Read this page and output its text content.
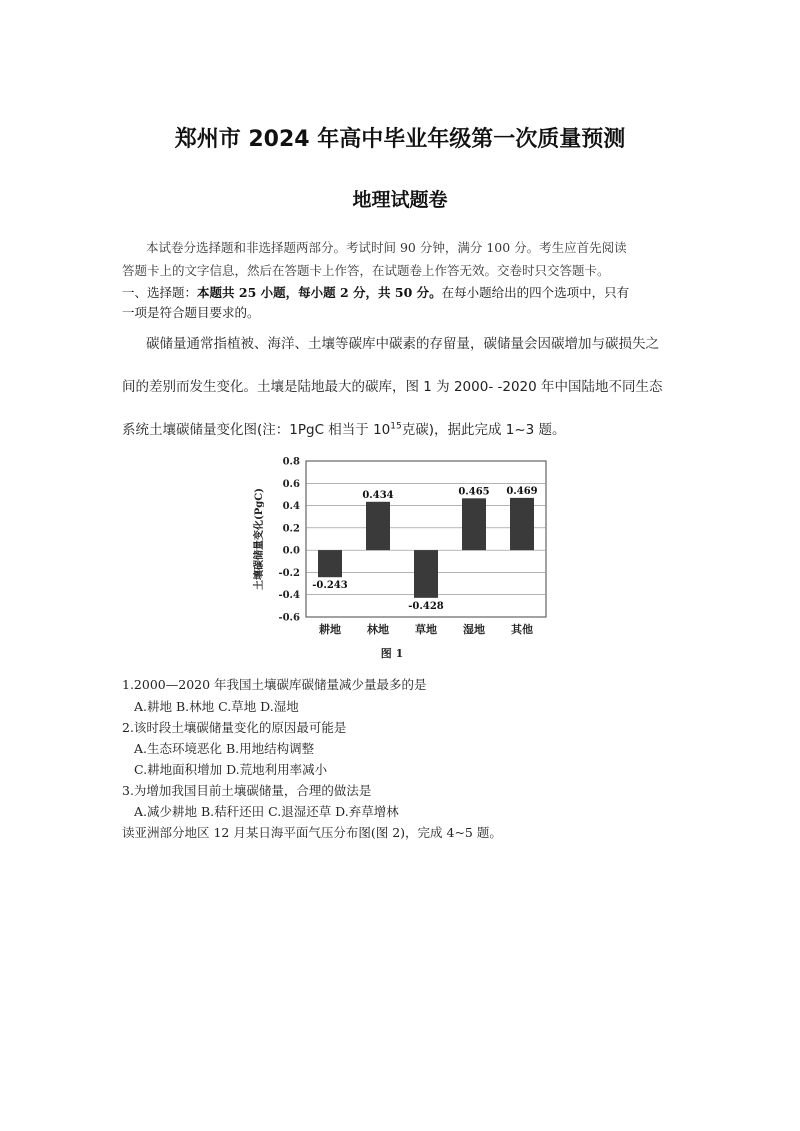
郑州市 2024 年高中毕业年级第一次质量预测
地理试题卷
本试卷分选择题和非选择题两部分。考试时间 90 分钟，满分 100 分。考生应首先阅读
答题卡上的文字信息，然后在答题卡上作答，在试题卷上作答无效。交卷时只交答题卡。
一、选择题：本题共 25 小题，每小题 2 分，共 50 分。在每小题给出的四个选项中，只有
一项是符合题目要求的。
碳储量通常指植被、海洋、土壤等碳库中碳素的存留量，碳储量会因碳增加与碳损失之
间的差别而发生变化。土壤是陆地最大的碳库，图 1 为 2000- -2020 年中国陆地不同生态
系统土壤碳储量变化图(注：1PgC 相当于 $10^{15}$克碳)，据此完成 1~3 题。
0.8
0.6
0.4
0.2
0.0
-0.2
-0.4
-0.6
-0.243
0.434
-0.428
0.465 0.469
耕地 林地 草地 湿地 其他
土壤碳储量变化(PgC)
图 1
1.2000—2020 年我国土壤碳库碳储量减少量最多的是
A.耕地 B.林地 C.草地 D.湿地
2.该时段土壤碳储量变化的原因最可能是
A.生态环境恶化 B.用地结构调整
C.耕地面积增加 D.荒地利用率减小
3.为增加我国目前土壤碳储量，合理的做法是
A.减少耕地 B.秸秆还田 C.退湿还草 D.弃草增林
读亚洲部分地区 12 月某日海平面气压分布图(图 2)，完成 4~5 题。
